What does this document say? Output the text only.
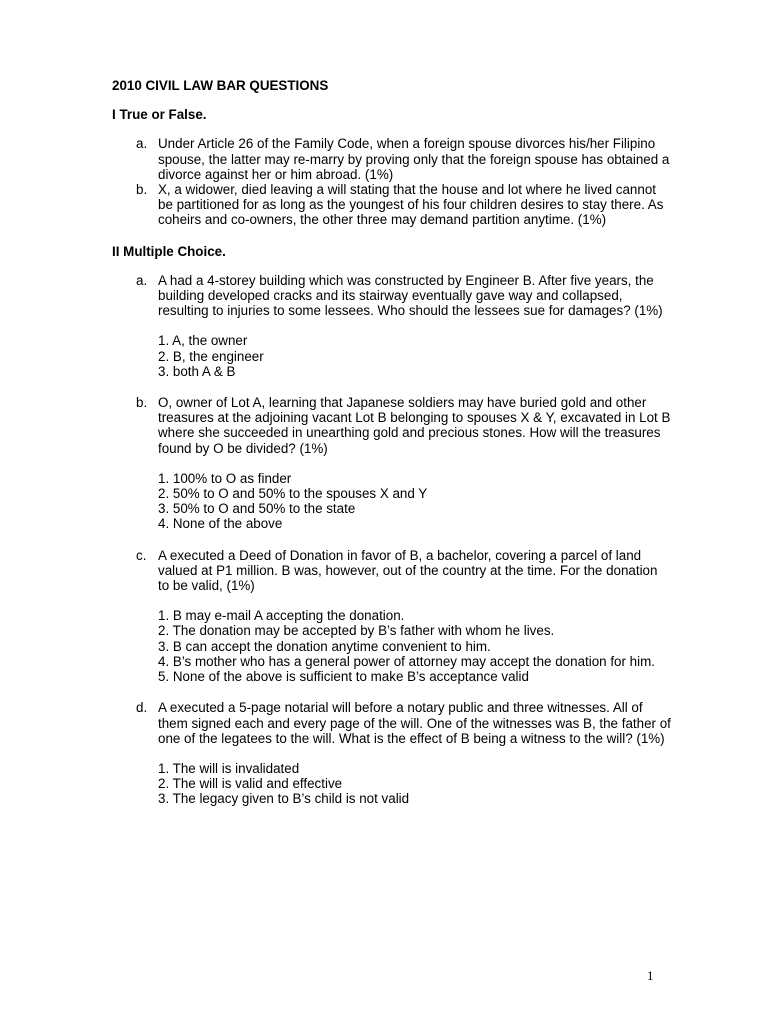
2010 CIVIL LAW BAR QUESTIONS
I True or False.
a. Under Article 26 of the Family Code, when a foreign spouse divorces his/her Filipino spouse, the latter may re-marry by proving only that the foreign spouse has obtained a divorce against her or him abroad. (1%)
b. X, a widower, died leaving a will stating that the house and lot where he lived cannot be partitioned for as long as the youngest of his four children desires to stay there. As coheirs and co-owners, the other three may demand partition anytime. (1%)
II Multiple Choice.
a. A had a 4-storey building which was constructed by Engineer B. After five years, the building developed cracks and its stairway eventually gave way and collapsed, resulting to injuries to some lessees. Who should the lessees sue for damages? (1%)
1. A, the owner
2. B, the engineer
3. both A & B
b. O, owner of Lot A, learning that Japanese soldiers may have buried gold and other treasures at the adjoining vacant Lot B belonging to spouses X & Y, excavated in Lot B where she succeeded in unearthing gold and precious stones. How will the treasures found by O be divided? (1%)
1. 100% to O as finder
2. 50% to O and 50% to the spouses X and Y
3. 50% to O and 50% to the state
4. None of the above
c. A executed a Deed of Donation in favor of B, a bachelor, covering a parcel of land valued at P1 million. B was, however, out of the country at the time. For the donation to be valid, (1%)
1. B may e-mail A accepting the donation.
2. The donation may be accepted by B’s father with whom he lives.
3. B can accept the donation anytime convenient to him.
4. B’s mother who has a general power of attorney may accept the donation for him.
5. None of the above is sufficient to make B’s acceptance valid
d. A executed a 5-page notarial will before a notary public and three witnesses. All of them signed each and every page of the will. One of the witnesses was B, the father of one of the legatees to the will. What is the effect of B being a witness to the will? (1%)
1. The will is invalidated
2. The will is valid and effective
3. The legacy given to B’s child is not valid
1
